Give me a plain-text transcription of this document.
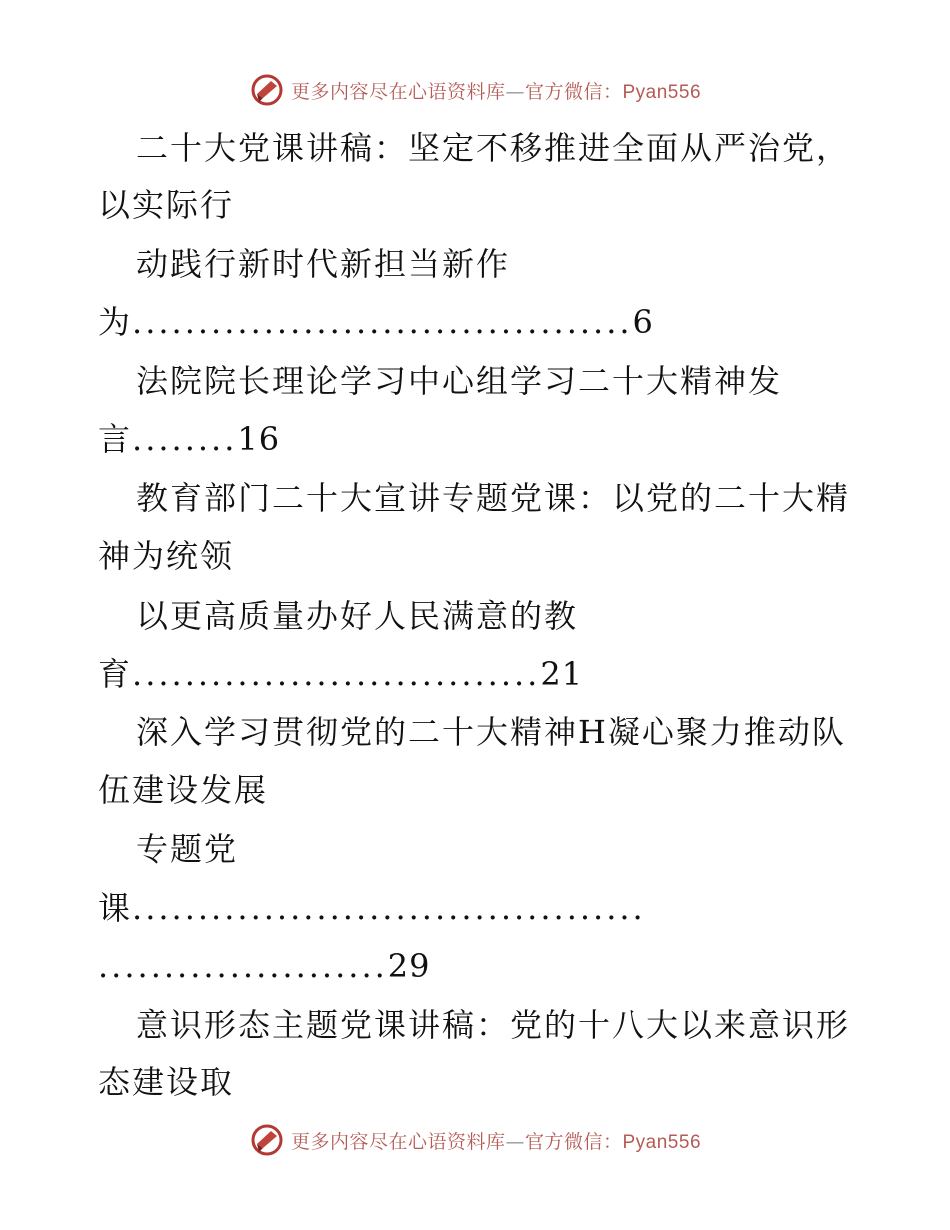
更多内容尽在心语资料库—官方微信：Pyan556
二十大党课讲稿：坚定不移推进全面从严治党，
以实际行
动践行新时代新担当新作
为......................................6
法院院长理论学习中心组学习二十大精神发
言........16
教育部门二十大宣讲专题党课：以党的二十大精
神为统领
以更高质量办好人民满意的教
育...............................21
深入学习贯彻党的二十大精神H凝心聚力推动队
伍建设发展
专题党
课.......................................
......................29
意识形态主题党课讲稿：党的十八大以来意识形
态建设取
更多内容尽在心语资料库—官方微信：Pyan556
